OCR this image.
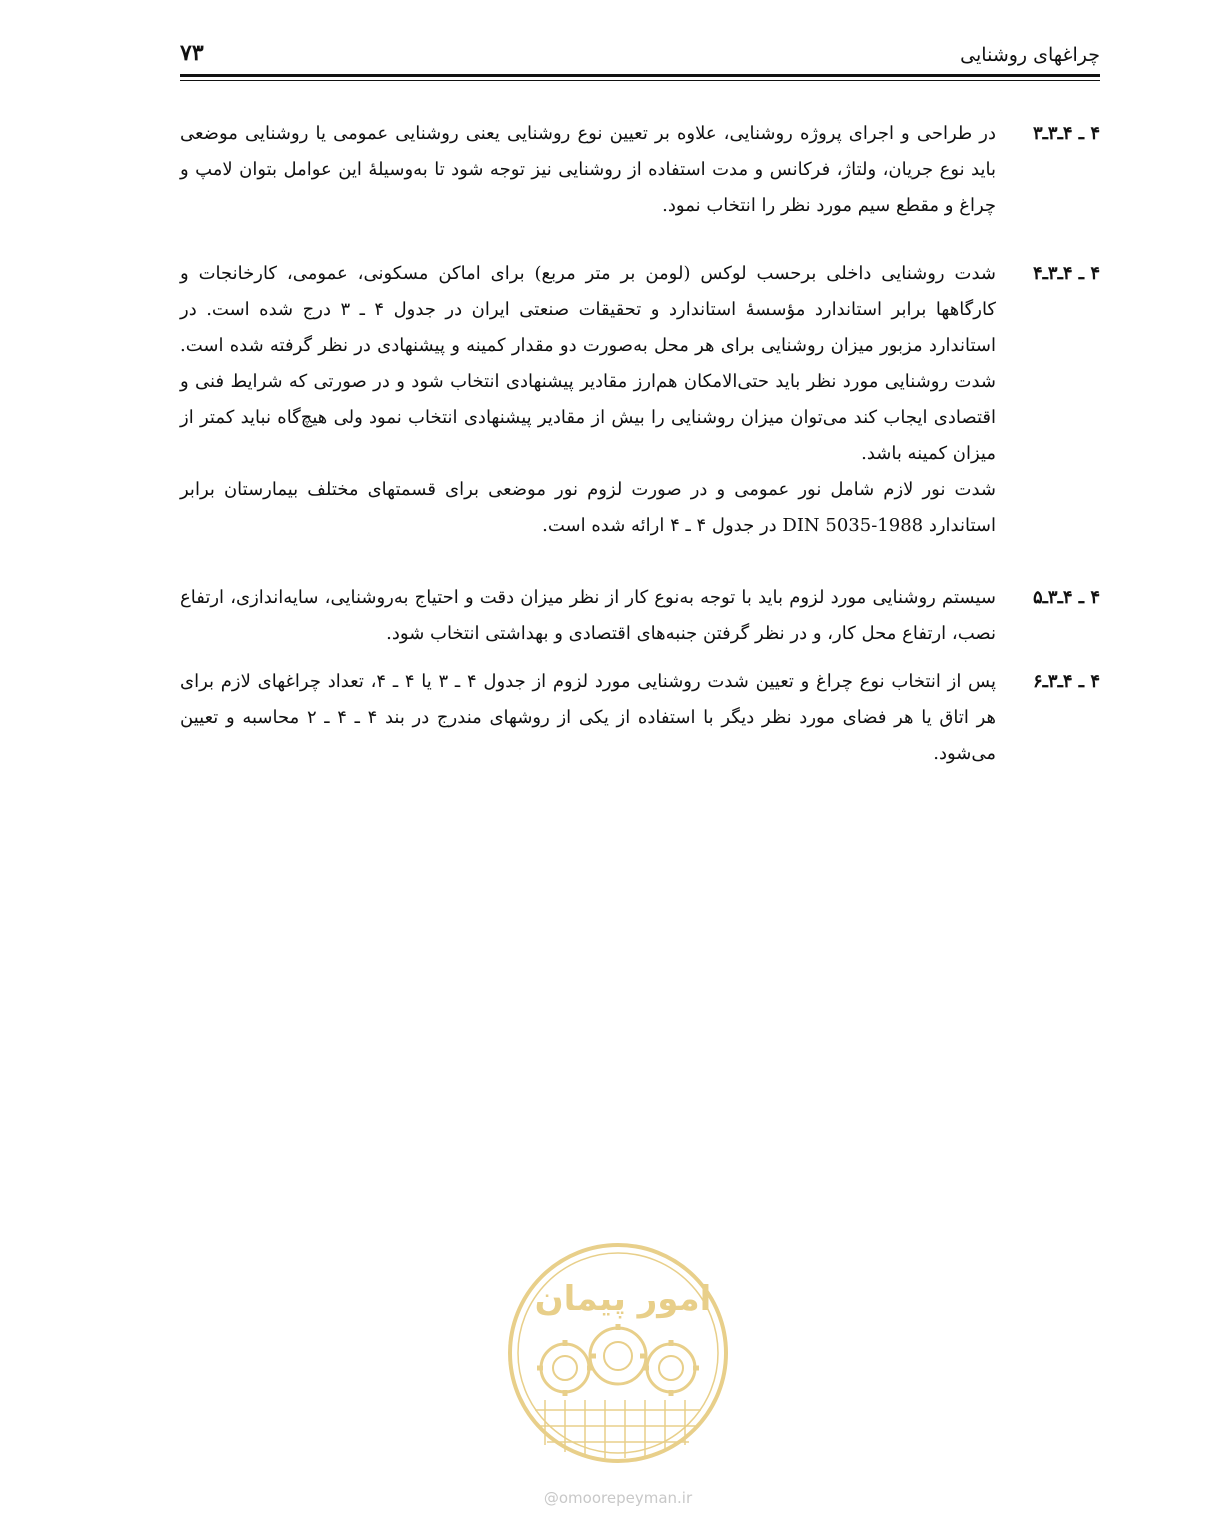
چراغهای روشنایی
۷۳
۴ ـ ۴ـ۳ـ۳

در طراحی و اجرای پروژه روشنایی، علاوه بر تعیین نوع روشنایی یعنی روشنایی عمومی یا روشنایی موضعی باید نوع جریان، ولتاژ، فرکانس و مدت استفاده از روشنایی نیز توجه شود تا به‌وسیلهٔ این عوامل بتوان لامپ و چراغ و مقطع سیم مورد نظر را انتخاب نمود.

۴ ـ ۴ـ۳ـ۴

شدت روشنایی داخلی برحسب لوکس (لومن بر متر مربع) برای اماکن مسکونی، عمومی، کارخانجات و کارگاهها برابر استاندارد مؤسسهٔ استاندارد و تحقیقات صنعتی ایران در جدول ۴ ـ ۳ درج شده است. در استاندارد مزبور میزان روشنایی برای هر محل به‌صورت دو مقدار کمینه و پیشنهادی در نظر گرفته شده است. شدت روشنایی مورد نظر باید حتی‌الامکان هم‌ارز مقادیر پیشنهادی انتخاب شود و در صورتی که شرایط فنی و اقتصادی ایجاب کند می‌توان میزان روشنایی را بیش از مقادیر پیشنهادی انتخاب نمود ولی هیچ‌گاه نباید کمتر از میزان کمینه باشد.

شدت نور لازم شامل نور عمومی و در صورت لزوم نور موضعی برای قسمتهای مختلف بیمارستان برابر استاندارد DIN 5035-1988 در جدول ۴ ـ ۴ ارائه شده است.

۴ ـ ۴ـ۳ـ۵

سیستم روشنایی مورد لزوم باید با توجه به‌نوع کار از نظر میزان دقت و احتیاج به‌روشنایی، سایه‌اندازی، ارتفاع نصب، ارتفاع محل کار، و در نظر گرفتن جنبه‌های اقتصادی و بهداشتی انتخاب شود.

۴ ـ ۴ـ۳ـ۶

پس از انتخاب نوع چراغ و تعیین شدت روشنایی مورد لزوم از جدول ۴ ـ ۳ یا ۴ ـ ۴، تعداد چراغهای لازم برای هر اتاق یا هر فضای مورد نظر دیگر با استفاده از یکی از روشهای مندرج در بند ۴ ـ ۴ ـ ۲ محاسبه و تعیین می‌شود.

امور پیمان
@omoorepeyman.ir
